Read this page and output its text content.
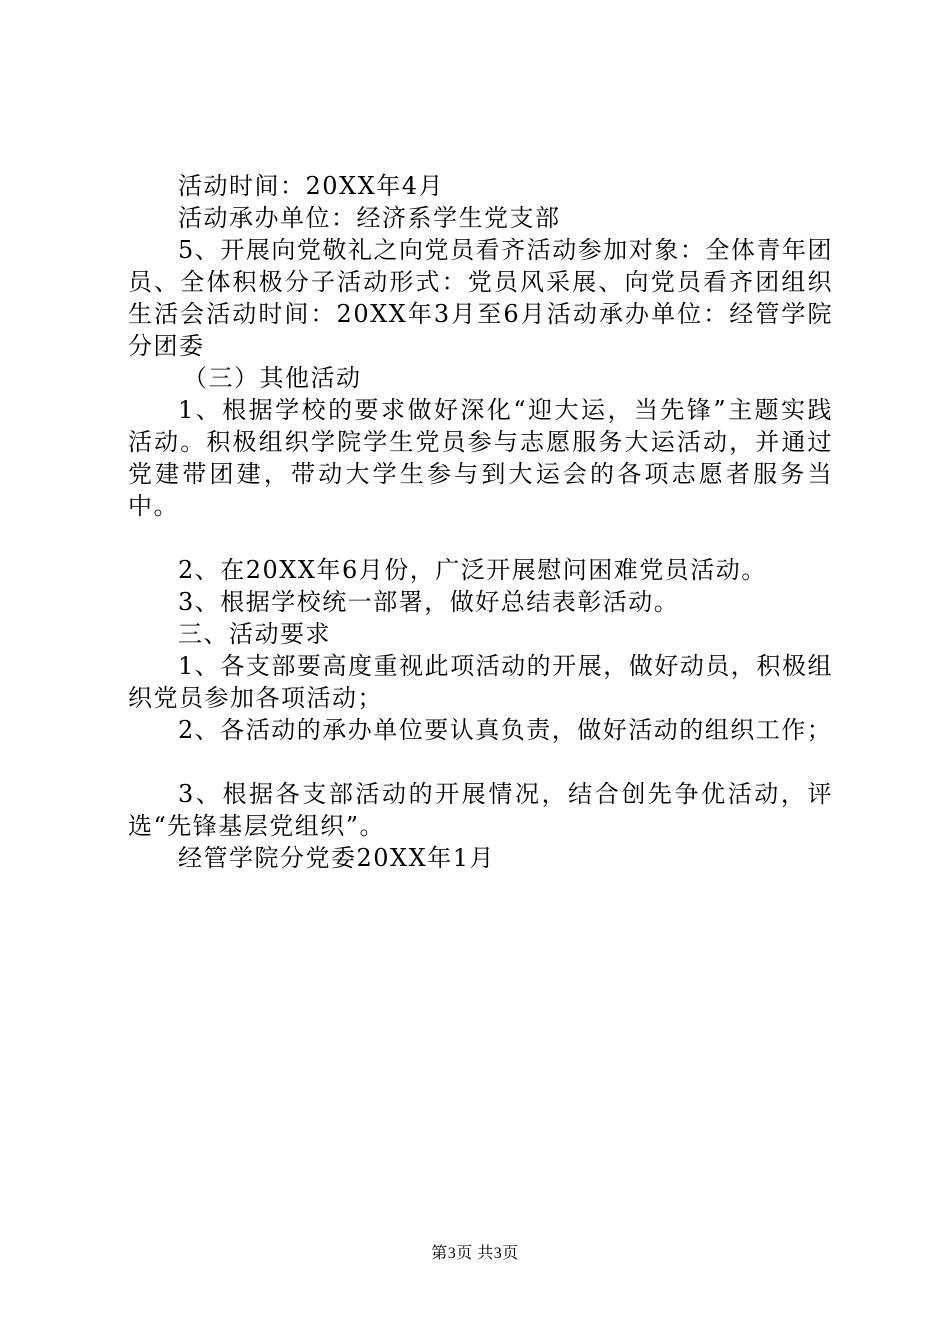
活动时间：20XX年4月

活动承办单位：经济系学生党支部

5、开展向党敬礼之向党员看齐活动参加对象：全体青年团员、全体积极分子活动形式：党员风采展、向党员看齐团组织生活会活动时间：20XX年3月至6月活动承办单位：经管学院分团委

（三）其他活动

1、根据学校的要求做好深化“迎大运，当先锋”主题实践活动。积极组织学院学生党员参与志愿服务大运活动，并通过党建带团建，带动大学生参与到大运会的各项志愿者服务当中。

2、在20XX年6月份，广泛开展慰问困难党员活动。

3、根据学校统一部署，做好总结表彰活动。

三、活动要求

1、各支部要高度重视此项活动的开展，做好动员，积极组织党员参加各项活动；

2、各活动的承办单位要认真负责，做好活动的组织工作；

3、根据各支部活动的开展情况，结合创先争优活动，评选“先锋基层党组织”。

经管学院分党委20XX年1月

第3页 共3页
